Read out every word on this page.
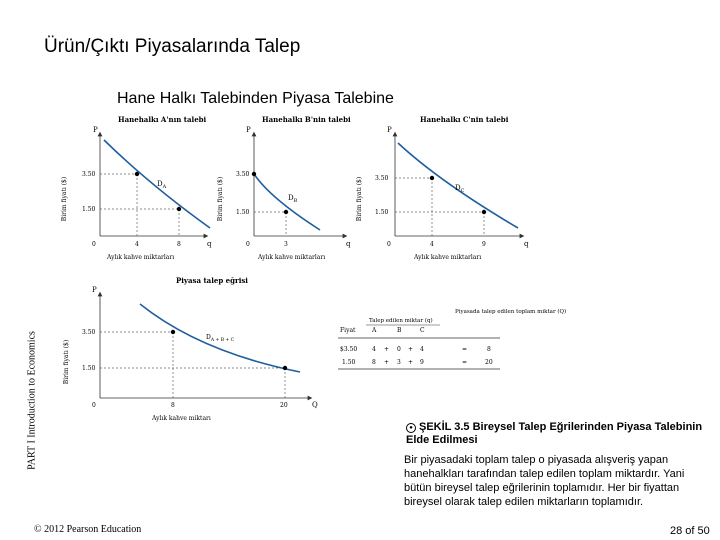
Ürün/Çıktı Piyasalarında Talep
Hane Halkı Talebinden Piyasa Talebine
PART I Introduction to Economics
Hanehalkı A'nın talebi
P
q
0
Birim fiyatı ($)
Aylık kahve miktarları
3.50
1.50
4	8
$D_A$
Hanehalkı B'nin talebi
P
q
0
Birim fiyatı ($)
Aylık kahve miktarları
3.50
1.50
3
$D_B$
Hanehalkı C'nin talebi
P
q
0
Birim fiyatı ($)
Aylık kahve miktarları
3.50
1.50
4	9
$D_C$
Piyasa talep eğrisi
P
Q
0
Birim fiyatı ($)
Aylık kahve miktarı
3.50
1.50
8	20
$D_{A + B + C}$
Piyasada talep edilen toplam miktar (Q)
Talep edilen miktar (q)
Fiyat	A	B	C
$3.50 4 + 0 + 4	=	8
1.50	8 + 3 + 9	=	20
● ŞEKİL 3.5 Bireysel Talep Eğrilerinden Piyasa Talebinin Elde Edilmesi
Bir piyasadaki toplam talep o piyasada alışveriş yapan hanehalkları tarafından talep edilen toplam miktardır. Yani bütün bireysel talep eğrilerinin toplamıdır. Her bir fiyattan bireysel olarak talep edilen miktarların toplamıdır.
© 2012 Pearson Education	28 of 50
